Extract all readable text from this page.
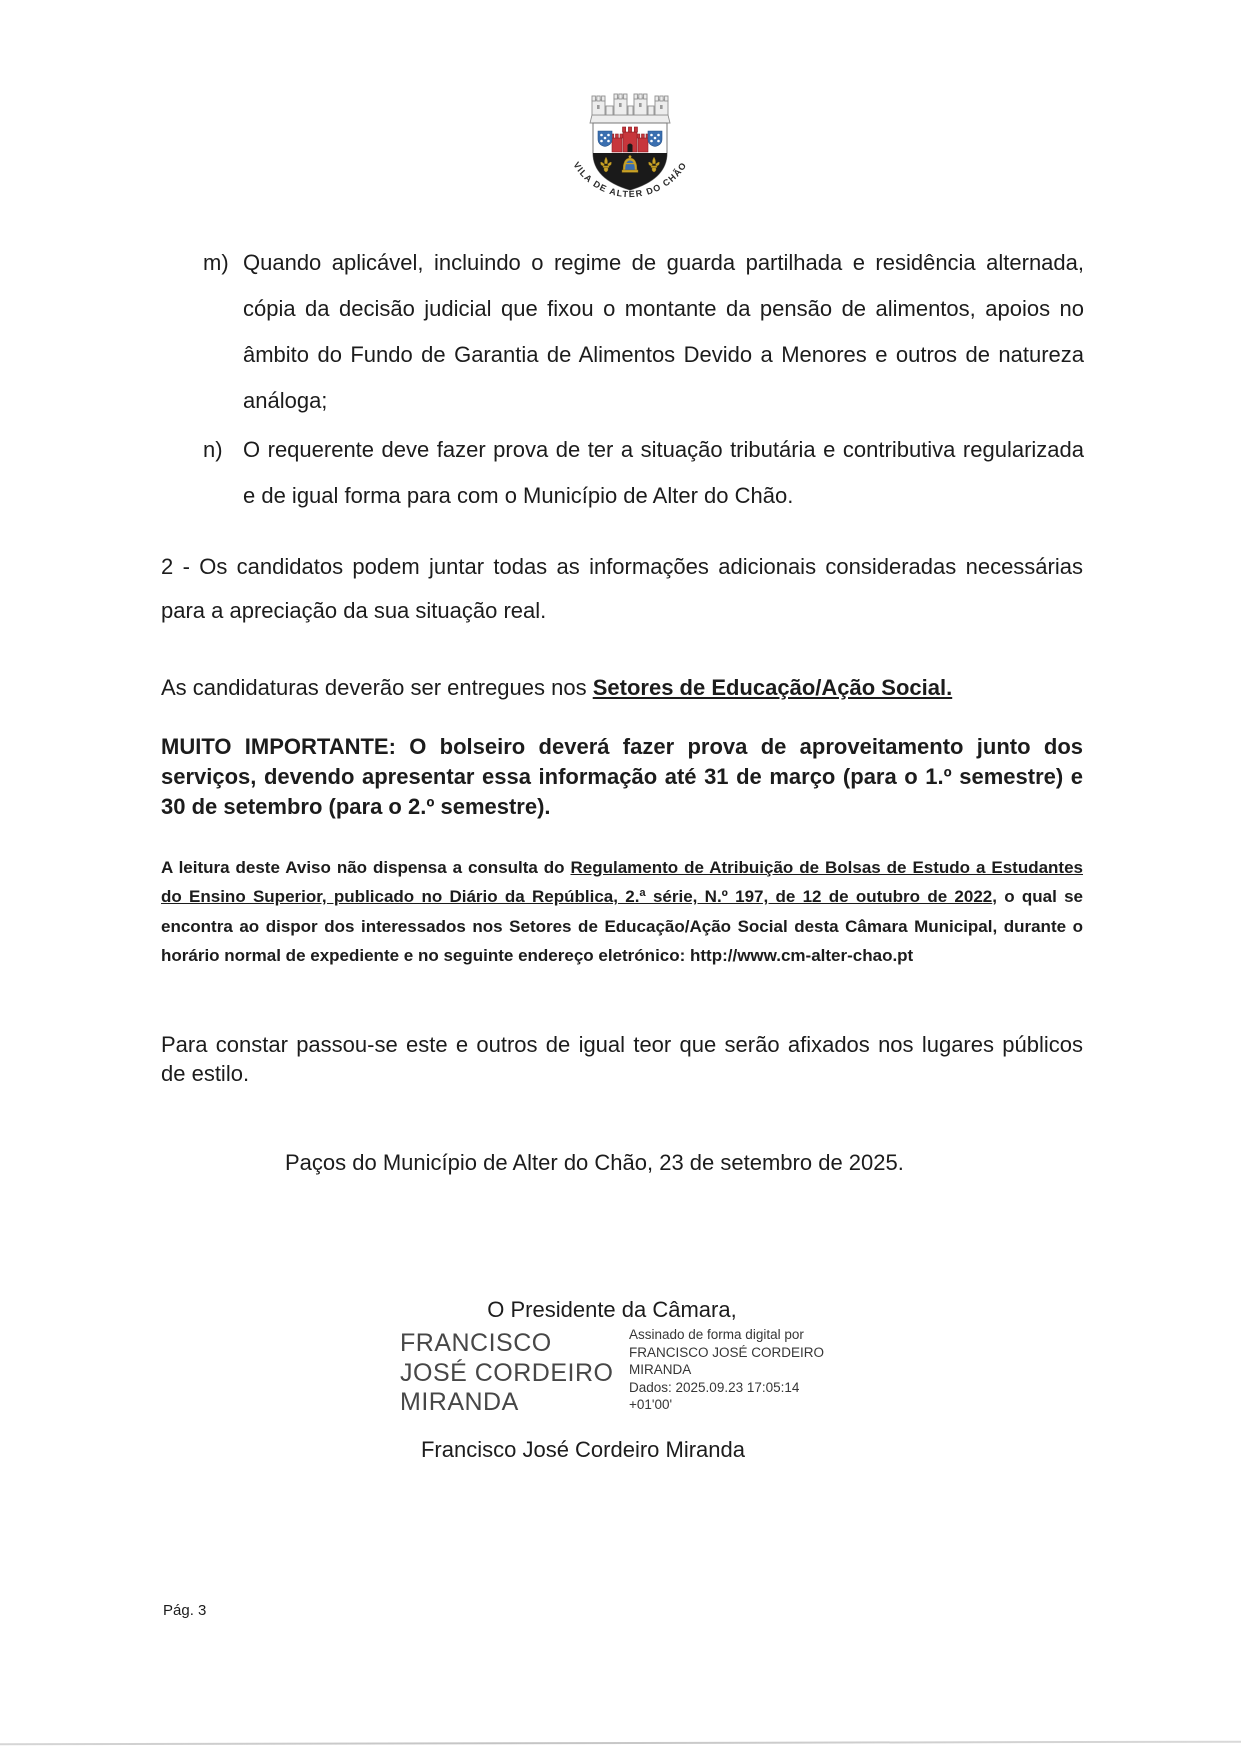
VILA DE ALTER DO CHÃO
m) Quando aplicável, incluindo o regime de guarda partilhada e residência alternada, cópia da decisão judicial que fixou o montante da pensão de alimentos, apoios no âmbito do Fundo de Garantia de Alimentos Devido a Menores e outros de natureza análoga;
n) O requerente deve fazer prova de ter a situação tributária e contributiva regularizada e de igual forma para com o Município de Alter do Chão.
2 - Os candidatos podem juntar todas as informações adicionais consideradas necessárias para a apreciação da sua situação real.
As candidaturas deverão ser entregues nos Setores de Educação/Ação Social.
MUITO IMPORTANTE: O bolseiro deverá fazer prova de aproveitamento junto dos serviços, devendo apresentar essa informação até 31 de março (para o 1.º semestre) e 30 de setembro (para o 2.º semestre).
A leitura deste Aviso não dispensa a consulta do Regulamento de Atribuição de Bolsas de Estudo a Estudantes do Ensino Superior, publicado no Diário da República, 2.ª série, N.º 197, de 12 de outubro de 2022, o qual se encontra ao dispor dos interessados nos Setores de Educação/Ação Social desta Câmara Municipal, durante o horário normal de expediente e no seguinte endereço eletrónico: http://www.cm-alter-chao.pt
Para constar passou-se este e outros de igual teor que serão afixados nos lugares públicos de estilo.
Paços do Município de Alter do Chão, 23 de setembro de 2025.
O Presidente da Câmara,
FRANCISCO JOSÉ CORDEIRO MIRANDA
Assinado de forma digital por
FRANCISCO JOSÉ CORDEIRO
MIRANDA
Dados: 2025.09.23 17:05:14
+01'00'
Francisco José Cordeiro Miranda
Pág. 3
